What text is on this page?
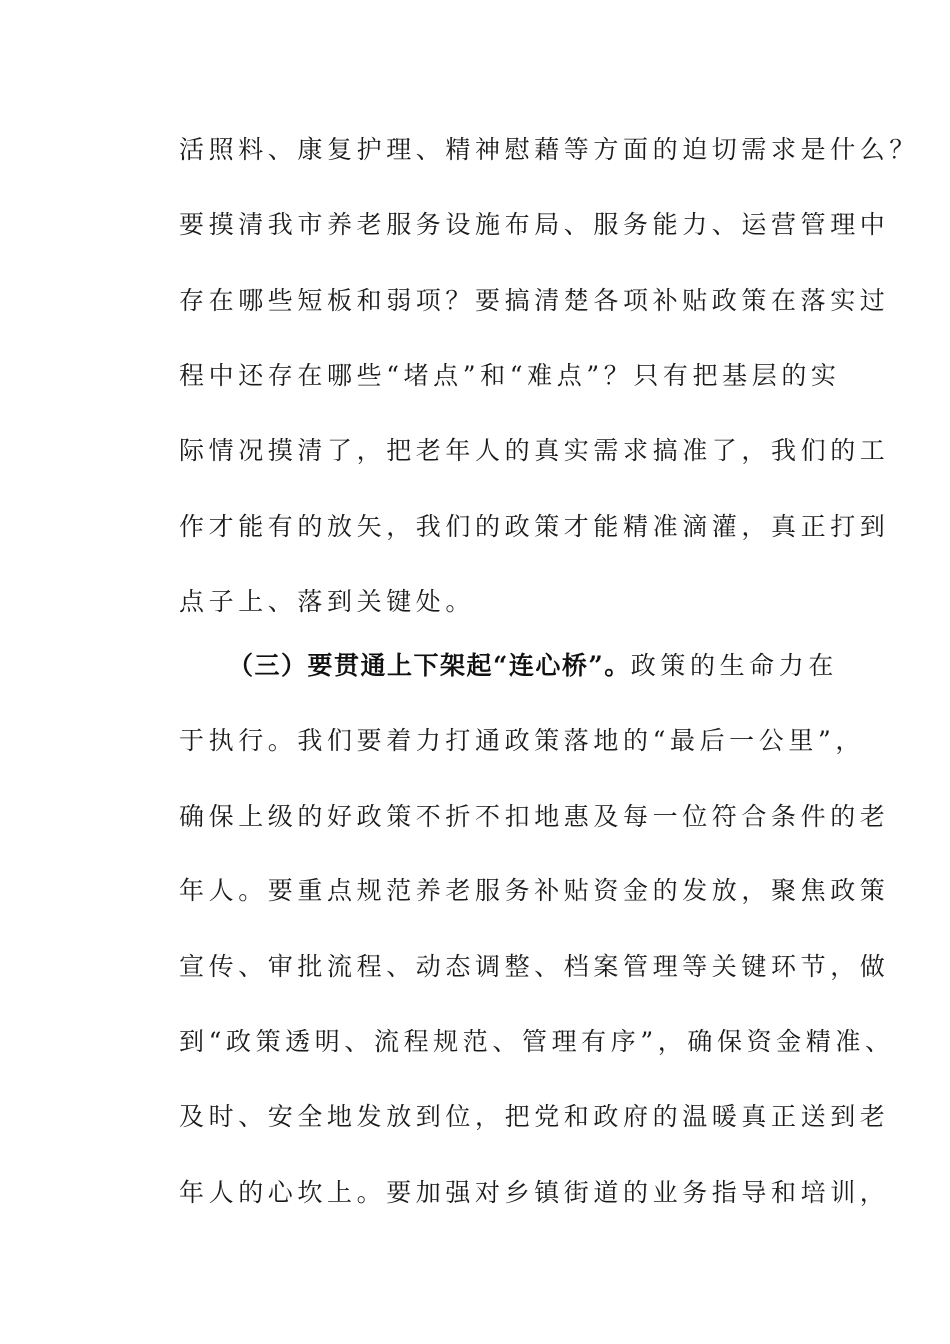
活照料、康复护理、精神慰藉等方面的迫切需求是什么？
要摸清我市养老服务设施布局、服务能力、运营管理中
存在哪些短板和弱项？要搞清楚各项补贴政策在落实过
程中还存在哪些“堵点”和“难点”？只有把基层的实
际情况摸清了，把老年人的真实需求搞准了，我们的工
作才能有的放矢，我们的政策才能精准滴灌，真正打到
点子上、落到关键处。
（三）要贯通上下架起“连心桥”。政策的生命力在
于执行。我们要着力打通政策落地的“最后一公里”，
确保上级的好政策不折不扣地惠及每一位符合条件的老
年人。要重点规范养老服务补贴资金的发放，聚焦政策
宣传、审批流程、动态调整、档案管理等关键环节，做
到“政策透明、流程规范、管理有序”，确保资金精准、
及时、安全地发放到位，把党和政府的温暖真正送到老
年人的心坎上。要加强对乡镇街道的业务指导和培训，
